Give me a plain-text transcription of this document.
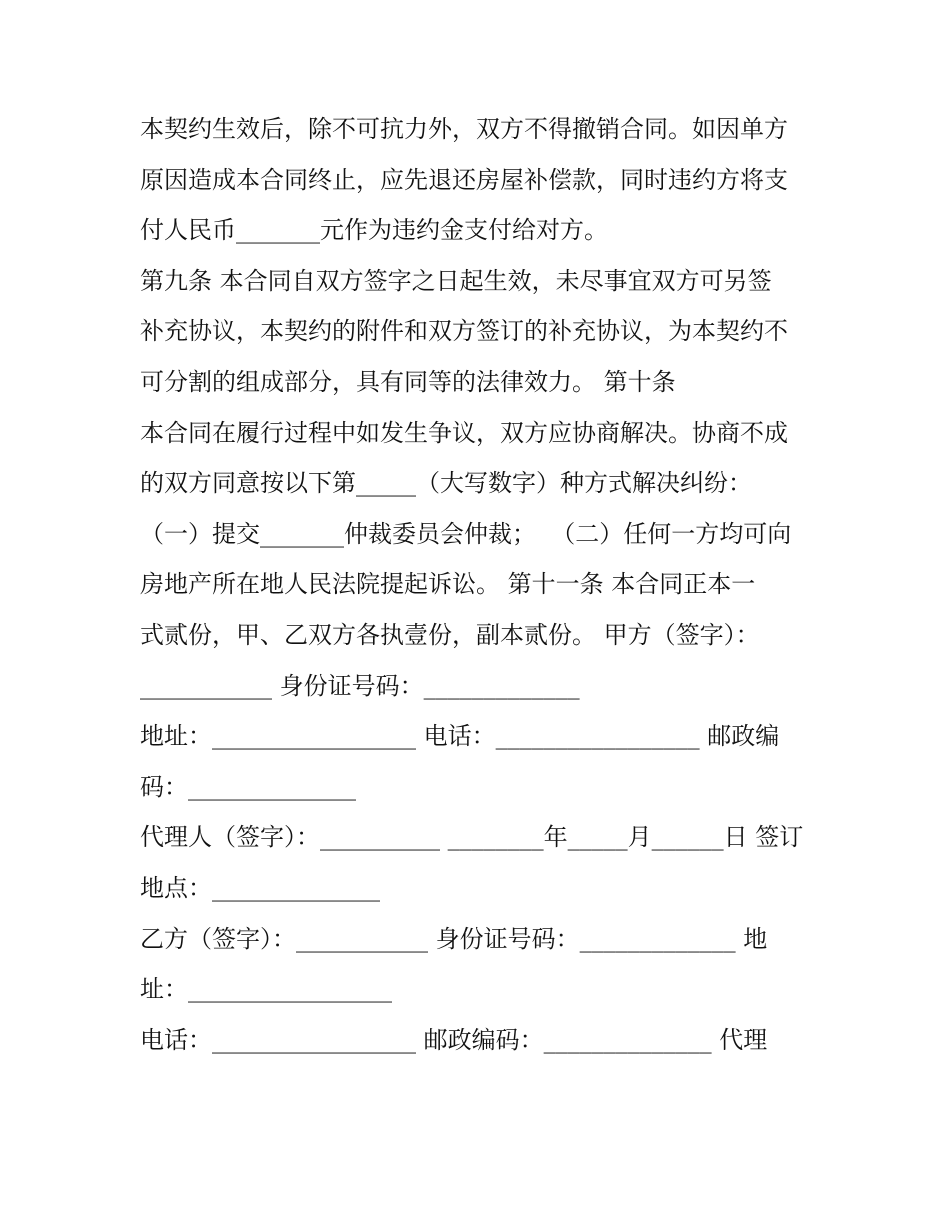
本契约生效后，除不可抗力外，双方不得撤销合同。如因单方
原因造成本合同终止，应先退还房屋补偿款，同时违约方将支
付人民币_______元作为违约金支付给对方。
第九条 本合同自双方签字之日起生效，未尽事宜双方可另签
补充协议，本契约的附件和双方签订的补充协议，为本契约不
可分割的组成部分，具有同等的法律效力。 第十条
本合同在履行过程中如发生争议，双方应协商解决。协商不成
的双方同意按以下第_____（大写数字）种方式解决纠纷：
（一）提交_______仲裁委员会仲裁；  （二）任何一方均可向
房地产所在地人民法院提起诉讼。 第十一条 本合同正本一
式贰份，甲、乙双方各执壹份，副本贰份。 甲方（签字）：
___________ 身份证号码：_____________
地址：_________________ 电话：_________________ 邮政编
码：______________
代理人（签字）：__________ ________年_____月______日 签订
地点：______________
乙方（签字）：___________ 身份证号码：_____________ 地
址：_________________
电话：_________________ 邮政编码：______________ 代理
